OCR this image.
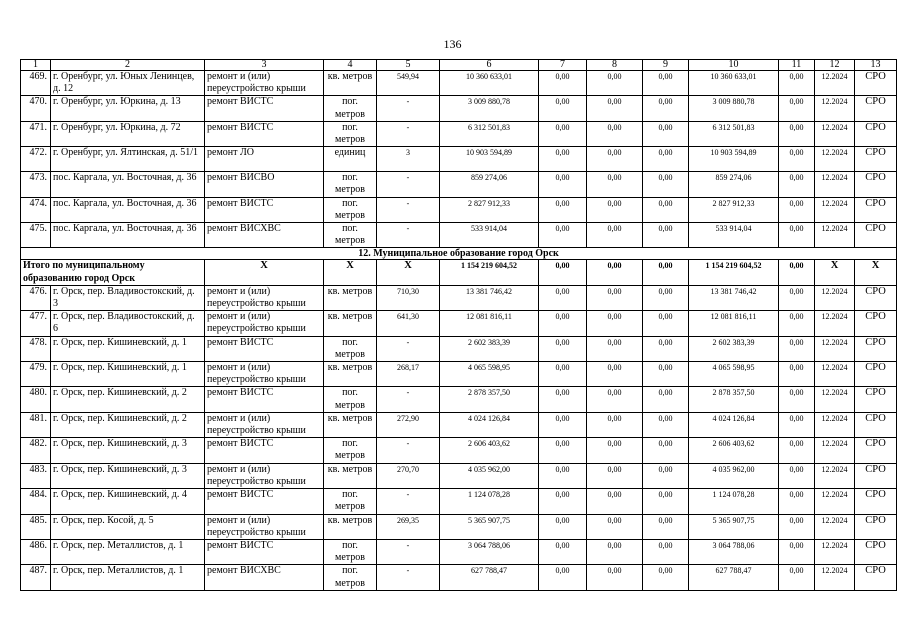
136
1	2	3	4	5	6	7	8	9	10	11	12	13
469.	г. Оренбург, ул. Юных Ленинцев, д. 12	ремонт и (или) переустройство крыши	кв. метров	549,94	10 360 633,01	0,00	0,00	0,00	10 360 633,01	0,00	12.2024	СРО
470.	г. Оренбург, ул. Юркина, д. 13	ремонт ВИСТС	пог. метров	-	3 009 880,78	0,00	0,00	0,00	3 009 880,78	0,00	12.2024	СРО
471.	г. Оренбург, ул. Юркина, д. 72	ремонт ВИСТС	пог. метров	-	6 312 501,83	0,00	0,00	0,00	6 312 501,83	0,00	12.2024	СРО
472.	г. Оренбург, ул. Ялтинская, д. 51/1	ремонт ЛО	единиц	3	10 903 594,89	0,00	0,00	0,00	10 903 594,89	0,00	12.2024	СРО
473.	пос. Каргала, ул. Восточная, д. 36	ремонт ВИСВО	пог. метров	-	859 274,06	0,00	0,00	0,00	859 274,06	0,00	12.2024	СРО
474.	пос. Каргала, ул. Восточная, д. 36	ремонт ВИСТС	пог. метров	-	2 827 912,33	0,00	0,00	0,00	2 827 912,33	0,00	12.2024	СРО
475.	пос. Каргала, ул. Восточная, д. 36	ремонт ВИСХВС	пог. метров	-	533 914,04	0,00	0,00	0,00	533 914,04	0,00	12.2024	СРО
12. Муниципальное образование город Орск												
Итого по муниципальному образованию город Орск		Х	Х	Х	1 154 219 604,52	0,00	0,00	0,00	1 154 219 604,52	0,00	Х	Х
476.	г. Орск, пер. Владивостокский, д. 3	ремонт и (или) переустройство крыши	кв. метров	710,30	13 381 746,42	0,00	0,00	0,00	13 381 746,42	0,00	12.2024	СРО
477.	г. Орск, пер. Владивостокский, д. 6	ремонт и (или) переустройство крыши	кв. метров	641,30	12 081 816,11	0,00	0,00	0,00	12 081 816,11	0,00	12.2024	СРО
478.	г. Орск, пер. Кишиневский, д. 1	ремонт ВИСТС	пог. метров	-	2 602 383,39	0,00	0,00	0,00	2 602 383,39	0,00	12.2024	СРО
479.	г. Орск, пер. Кишиневский, д. 1	ремонт и (или) переустройство крыши	кв. метров	268,17	4 065 598,95	0,00	0,00	0,00	4 065 598,95	0,00	12.2024	СРО
480.	г. Орск, пер. Кишиневский, д. 2	ремонт ВИСТС	пог. метров	-	2 878 357,50	0,00	0,00	0,00	2 878 357,50	0,00	12.2024	СРО
481.	г. Орск, пер. Кишиневский, д. 2	ремонт и (или) переустройство крыши	кв. метров	272,90	4 024 126,84	0,00	0,00	0,00	4 024 126,84	0,00	12.2024	СРО
482.	г. Орск, пер. Кишиневский, д. 3	ремонт ВИСТС	пог. метров	-	2 606 403,62	0,00	0,00	0,00	2 606 403,62	0,00	12.2024	СРО
483.	г. Орск, пер. Кишиневский, д. 3	ремонт и (или) переустройство крыши	кв. метров	270,70	4 035 962,00	0,00	0,00	0,00	4 035 962,00	0,00	12.2024	СРО
484.	г. Орск, пер. Кишиневский, д. 4	ремонт ВИСТС	пог. метров	-	1 124 078,28	0,00	0,00	0,00	1 124 078,28	0,00	12.2024	СРО
485.	г. Орск, пер. Косой, д. 5	ремонт и (или) переустройство крыши	кв. метров	269,35	5 365 907,75	0,00	0,00	0,00	5 365 907,75	0,00	12.2024	СРО
486.	г. Орск, пер. Металлистов, д. 1	ремонт ВИСТС	пог. метров	-	3 064 788,06	0,00	0,00	0,00	3 064 788,06	0,00	12.2024	СРО
487.	г. Орск, пер. Металлистов, д. 1	ремонт ВИСХВС	пог. метров	-	627 788,47	0,00	0,00	0,00	627 788,47	0,00	12.2024	СРО
